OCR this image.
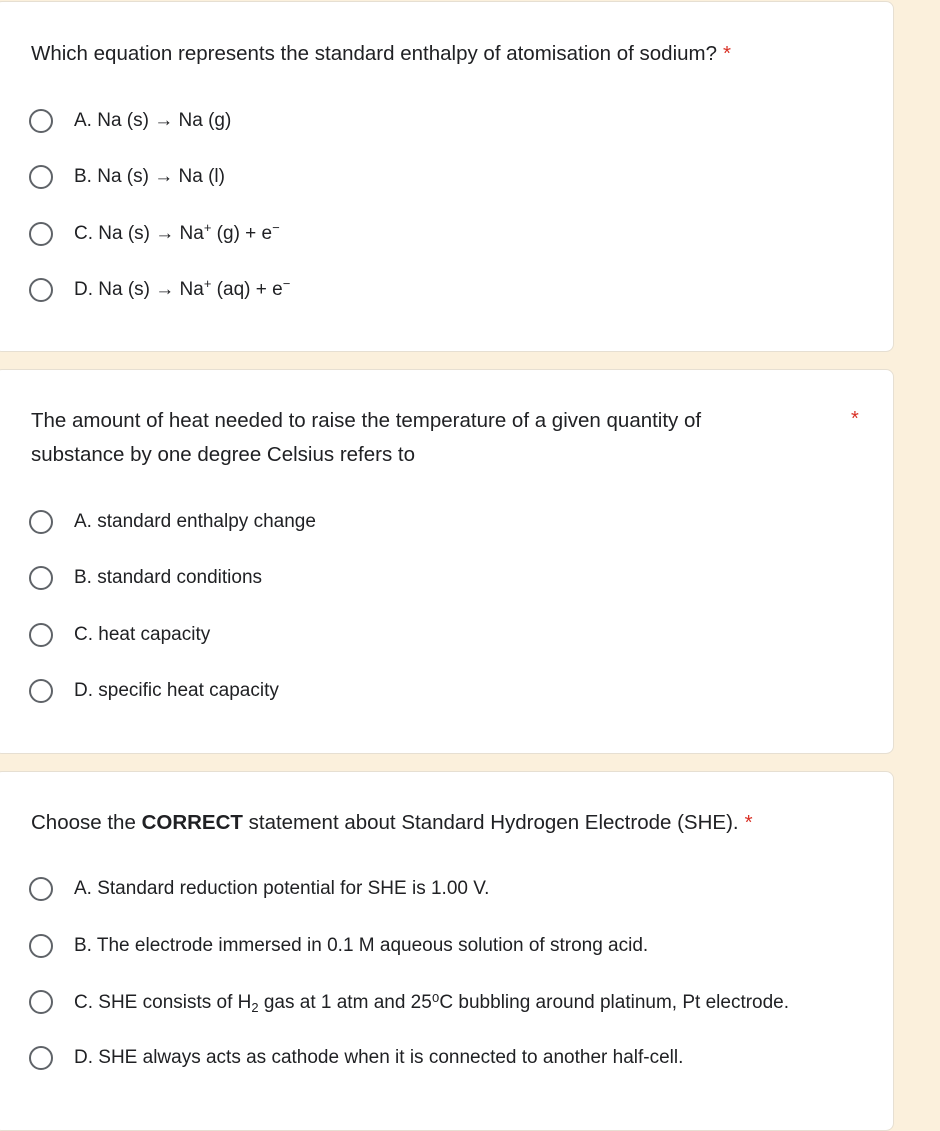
Which equation represents the standard enthalpy of atomisation of sodium? *
A. Na (s) → Na (g)
B. Na (s) → Na (l)
C. Na (s) → Na+ (g) + e−
D. Na (s) → Na+ (aq) + e−
The amount of heat needed to raise the temperature of a given quantity of substance by one degree Celsius refers to
*
A. standard enthalpy change
B. standard conditions
C. heat capacity
D. specific heat capacity
Choose the CORRECT statement about Standard Hydrogen Electrode (SHE). *
A. Standard reduction potential for SHE is 1.00 V.
B. The electrode immersed in 0.1 M aqueous solution of strong acid.
C. SHE consists of $H_2$ gas at 1 atm and 25⁰C bubbling around platinum, Pt electrode.
D. SHE always acts as cathode when it is connected to another half-cell.
